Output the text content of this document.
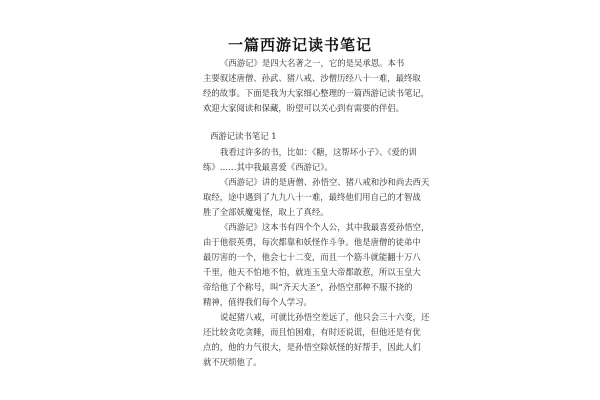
一篇西游记读书笔记
《西游记》是四大名著之一，它的是吴承恩。本书
主要叙述唐僧、孙武、猪八戒、沙僧历经八十一难，最终取
经的故事。下面是我为大家细心整理的一篇西游记读书笔记，
欢迎大家阅读和保藏，盼望可以关心到有需要的伴侣。
西游记读书笔记 1
我看过许多的书，比如：《糖，这帮坏小子》、《爱的训
练》……其中我最喜爱《西游记》。
《西游记》讲的是唐僧、孙悟空、猪八戒和沙和尚去西天
取经，途中遇到了九九八十一难，最终他们用自己的才智战
胜了全部妖魔鬼怪，取上了真经。
《西游记》这本书有四个个人公，其中我最喜爱孙悟空，
由于他很英勇，每次都靠和妖怪作斗争。他是唐僧的徒弟中
最厉害的一个，他会七十二变，而且一个筋斗就能翻十万八
千里，他天不怕地不怕，就连玉皇大帝都敢惹，所以玉皇大
帝给他了个称号，叫“齐天大圣”，孙悟空那种不服不挠的
精神，值得我们每个人学习。
说起猪八戒，可就比孙悟空差远了，他只会三十六变，还
还比较贪吃贪睡，而且怕困难，有时还说谎，但他还是有优
点的，他的力气很大，是孙悟空除妖怪的好帮手，因此人们
就不厌烦他了。
